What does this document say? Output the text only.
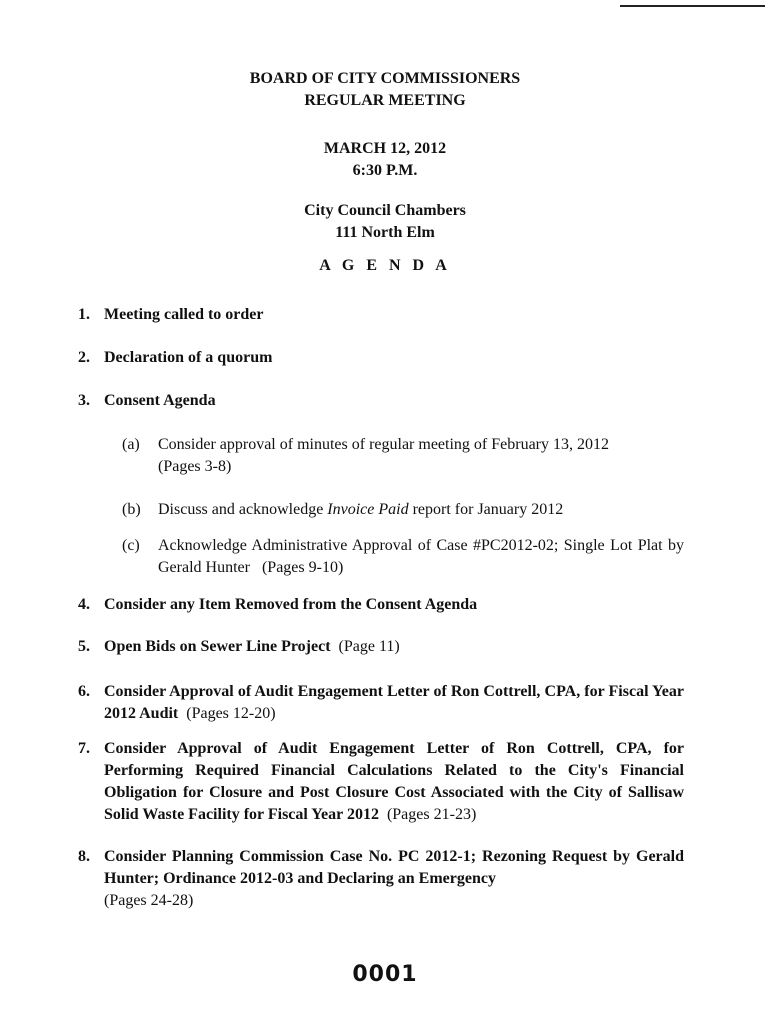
BOARD OF CITY COMMISSIONERS
REGULAR MEETING
MARCH 12, 2012
6:30 P.M.
City Council Chambers
111 North Elm
A G E N D A
1. Meeting called to order
2. Declaration of a quorum
3. Consent Agenda
(a) Consider approval of minutes of regular meeting of February 13, 2012
(Pages 3-8)
(b) Discuss and acknowledge Invoice Paid report for January 2012
(c) Acknowledge Administrative Approval of Case #PC2012-02; Single Lot Plat by Gerald Hunter (Pages 9-10)
4. Consider any Item Removed from the Consent Agenda
5. Open Bids on Sewer Line Project (Page 11)
6. Consider Approval of Audit Engagement Letter of Ron Cottrell, CPA, for Fiscal Year 2012 Audit (Pages 12-20)
7. Consider Approval of Audit Engagement Letter of Ron Cottrell, CPA, for Performing Required Financial Calculations Related to the City's Financial Obligation for Closure and Post Closure Cost Associated with the City of Sallisaw Solid Waste Facility for Fiscal Year 2012 (Pages 21-23)
8. Consider Planning Commission Case No. PC 2012-1; Rezoning Request by Gerald Hunter; Ordinance 2012-03 and Declaring an Emergency
(Pages 24-28)
0001
